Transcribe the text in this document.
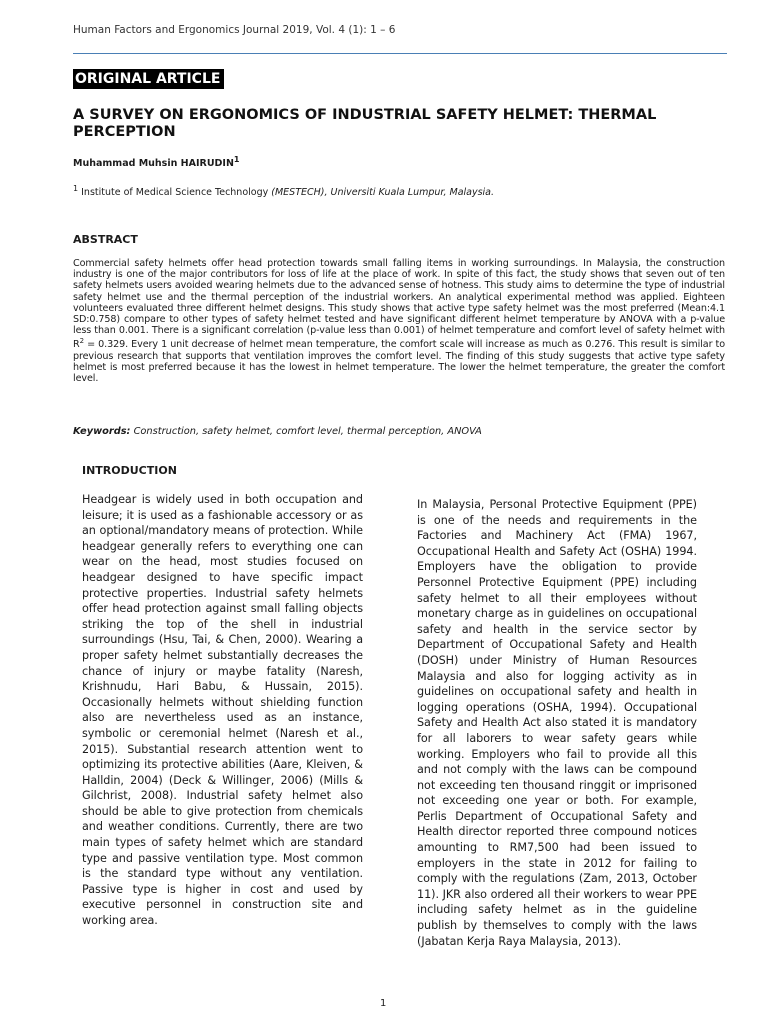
Human Factors and Ergonomics Journal 2019, Vol. 4 (1): 1 – 6
ORIGINAL ARTICLE
A SURVEY ON ERGONOMICS OF INDUSTRIAL SAFETY HELMET: THERMAL PERCEPTION
Muhammad Muhsin HAIRUDIN$^1$
$^1$ Institute of Medical Science Technology (MESTECH), Universiti Kuala Lumpur, Malaysia.
ABSTRACT
Commercial safety helmets offer head protection towards small falling items in working surroundings. In Malaysia, the construction industry is one of the major contributors for loss of life at the place of work. In spite of this fact, the study shows that seven out of ten safety helmets users avoided wearing helmets due to the advanced sense of hotness. This study aims to determine the type of industrial safety helmet use and the thermal perception of the industrial workers. An analytical experimental method was applied. Eighteen volunteers evaluated three different helmet designs. This study shows that active type safety helmet was the most preferred (Mean:4.1 SD:0.758) compare to other types of safety helmet tested and have significant different helmet temperature by ANOVA with a p-value less than 0.001. There is a significant correlation (p-value less than 0.001) of helmet temperature and comfort level of safety helmet with $R^2 = 0.329$. Every 1 unit decrease of helmet mean temperature, the comfort scale will increase as much as 0.276. This result is similar to previous research that supports that ventilation improves the comfort level. The finding of this study suggests that active type safety helmet is most preferred because it has the lowest in helmet temperature. The lower the helmet temperature, the greater the comfort level.
Keywords: Construction, safety helmet, comfort level, thermal perception, ANOVA
INTRODUCTION
Headgear is widely used in both occupation and leisure; it is used as a fashionable accessory or as an optional/mandatory means of protection. While headgear generally refers to everything one can wear on the head, most studies focused on headgear designed to have specific impact protective properties. Industrial safety helmets offer head protection against small falling objects striking the top of the shell in industrial surroundings (Hsu, Tai, & Chen, 2000). Wearing a proper safety helmet substantially decreases the chance of injury or maybe fatality (Naresh, Krishnudu, Hari Babu, & Hussain, 2015). Occasionally helmets without shielding function also are nevertheless used as an instance, symbolic or ceremonial helmet (Naresh et al., 2015). Substantial research attention went to optimizing its protective abilities (Aare, Kleiven, & Halldin, 2004) (Deck & Willinger, 2006) (Mills & Gilchrist, 2008). Industrial safety helmet also should be able to give protection from chemicals and weather conditions. Currently, there are two main types of safety helmet which are standard type and passive ventilation type. Most common is the standard type without any ventilation. Passive type is higher in cost and used by executive personnel in construction site and working area.
In Malaysia, Personal Protective Equipment (PPE) is one of the needs and requirements in the Factories and Machinery Act (FMA) 1967, Occupational Health and Safety Act (OSHA) 1994. Employers have the obligation to provide Personnel Protective Equipment (PPE) including safety helmet to all their employees without monetary charge as in guidelines on occupational safety and health in the service sector by Department of Occupational Safety and Health (DOSH) under Ministry of Human Resources Malaysia and also for logging activity as in guidelines on occupational safety and health in logging operations (OSHA, 1994). Occupational Safety and Health Act also stated it is mandatory for all laborers to wear safety gears while working. Employers who fail to provide all this and not comply with the laws can be compound not exceeding ten thousand ringgit or imprisoned not exceeding one year or both. For example, Perlis Department of Occupational Safety and Health director reported three compound notices amounting to RM7,500 had been issued to employers in the state in 2012 for failing to comply with the regulations (Zam, 2013, October 11). JKR also ordered all their workers to wear PPE including safety helmet as in the guideline publish by themselves to comply with the laws (Jabatan Kerja Raya Malaysia, 2013).
1
